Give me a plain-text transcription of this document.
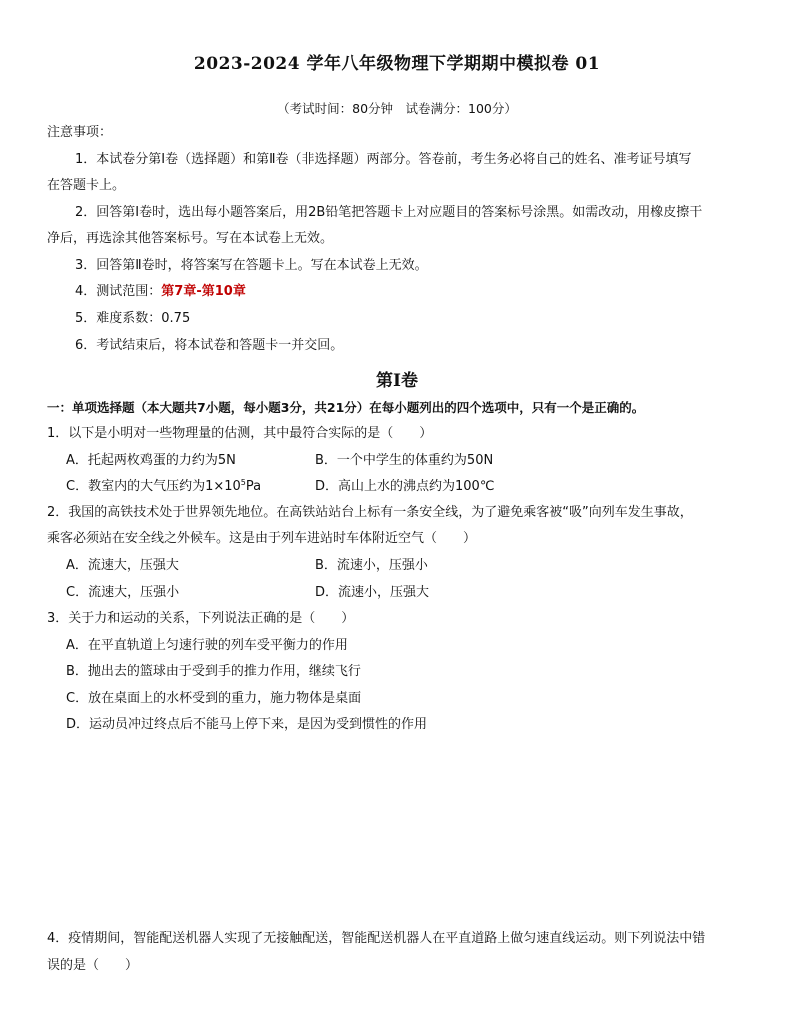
2023-2024 学年八年级物理下学期期中模拟卷 01
（考试时间：80分钟　试卷满分：100分）
注意事项：
1．本试卷分第Ⅰ卷（选择题）和第Ⅱ卷（非选择题）两部分。答卷前，考生务必将自己的姓名、准考证号填写
在答题卡上。
2．回答第Ⅰ卷时，选出每小题答案后，用2B铅笔把答题卡上对应题目的答案标号涂黑。如需改动，用橡皮擦干
净后，再选涂其他答案标号。写在本试卷上无效。
3．回答第Ⅱ卷时，将答案写在答题卡上。写在本试卷上无效。
4．测试范围：第7章-第10章
5．难度系数：0.75
6．考试结束后，将本试卷和答题卡一并交回。
第Ⅰ卷
一：单项选择题（本大题共7小题，每小题3分，共21分）在每小题列出的四个选项中，只有一个是正确的。
1．以下是小明对一些物理量的估测，其中最符合实际的是（　　）
A．托起两枚鸡蛋的力约为5N	B．一个中学生的体重约为50N
C．教室内的大气压约为$1\times 10^5Pa$	D．高山上水的沸点约为100℃
2．我国的高铁技术处于世界领先地位。在高铁站站台上标有一条安全线，为了避免乘客被“吸”向列车发生事故，
乘客必须站在安全线之外候车。这是由于列车进站时车体附近空气（　　）
A．流速大，压强大	B．流速小，压强小
C．流速大，压强小	D．流速小，压强大
3．关于力和运动的关系，下列说法正确的是（　　）
A．在平直轨道上匀速行驶的列车受平衡力的作用
B．抛出去的篮球由于受到手的推力作用，继续飞行
C．放在桌面上的水杯受到的重力，施力物体是桌面
D．运动员冲过终点后不能马上停下来，是因为受到惯性的作用
4．疫情期间，智能配送机器人实现了无接触配送，智能配送机器人在平直道路上做匀速直线运动。则下列说法中错
误的是（　　）
